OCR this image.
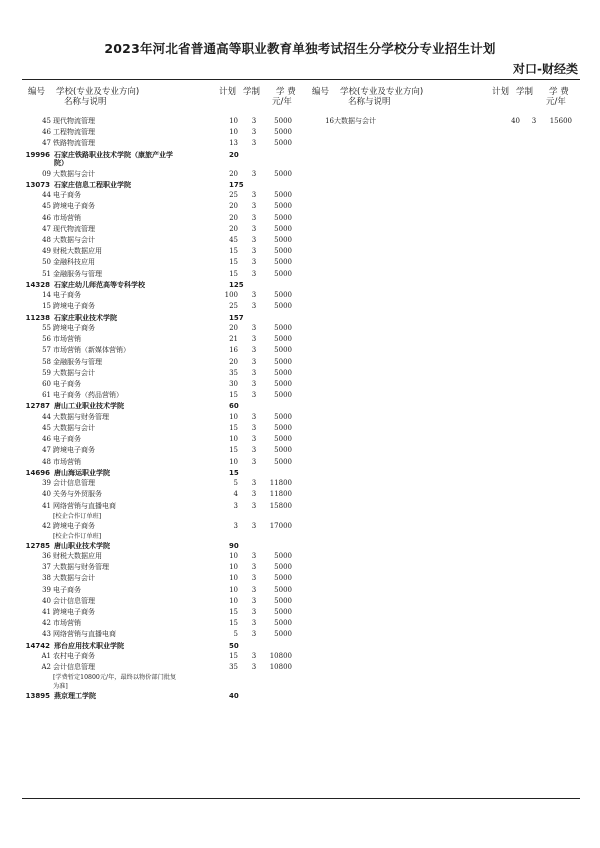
2023年河北省普通高等职业教育单独考试招生分学校分专业招生计划
对口-财经类
编号 学校(专业及专业方向)
名称与说明
计划 学制 学 费
元/年
编号 学校(专业及专业方向)
名称与说明
计划 学制 学 费
元/年
45 现代物流管理	10	3	5000
46 工程物流管理	10	3	5000
47 铁路物流管理	13	3	5000
19996 石家庄铁路职业技术学院（康旅产业学	20
院）
09 大数据与会计	20	3	5000
13073 石家庄信息工程职业学院	175
44 电子商务	25	3	5000
45 跨境电子商务	20	3	5000
46 市场营销	20	3	5000
47 现代物流管理	20	3	5000
48 大数据与会计	45	3	5000
49 财税大数据应用	15	3	5000
50 金融科技应用	15	3	5000
51 金融服务与管理	15	3	5000
14328 石家庄幼儿师范高等专科学校	125
14 电子商务	100	3	5000
15 跨境电子商务	25	3	5000
11238 石家庄职业技术学院	157
55 跨境电子商务	20	3	5000
56 市场营销	21	3	5000
57 市场营销（新媒体营销）	16	3	5000
58 金融服务与管理	20	3	5000
59 大数据与会计	35	3	5000
60 电子商务	30	3	5000
61 电子商务（药品营销）	15	3	5000
12787 唐山工业职业技术学院	60
44 大数据与财务管理	10	3	5000
45 大数据与会计	15	3	5000
46 电子商务	10	3	5000
47 跨境电子商务	15	3	5000
48 市场营销	10	3	5000
14696 唐山海运职业学院	15
39 会计信息管理	5	3	11800
40 关务与外贸服务	4	3	11800
41 网络营销与直播电商	3	3	15800
[校企合作订单班]
42 跨境电子商务	3	3	17000
[校企合作订单班]
12785 唐山职业技术学院	90
36 财税大数据应用	10	3	5000
37 大数据与财务管理	10	3	5000
38 大数据与会计	10	3	5000
39 电子商务	10	3	5000
40 会计信息管理	10	3	5000
41 跨境电子商务	15	3	5000
42 市场营销	15	3	5000
43 网络营销与直播电商	5	3	5000
14742 邢台应用技术职业学院	50
A1 农村电子商务	15	3	10800
A2 会计信息管理	35	3	10800
[学费暂定10800元/年，最终以物价部门批复
为准]
13895 燕京理工学院	40
16 大数据与会计	40	3	15600
